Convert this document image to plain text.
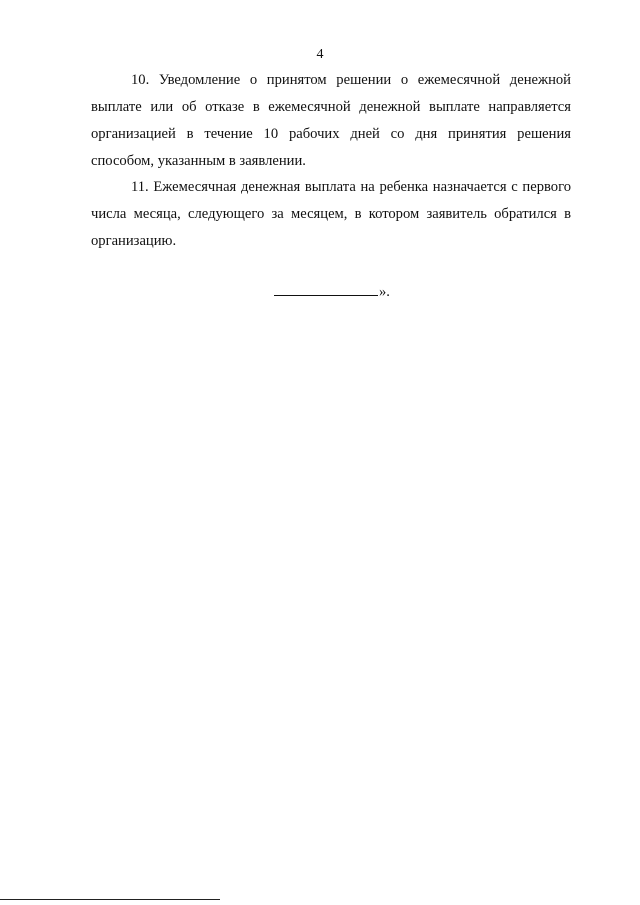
4

10. Уведомление о принятом решении о ежемесячной денежной выплате или об отказе в ежемесячной денежной выплате направляется организацией в течение 10 рабочих дней со дня принятия решения способом, указанным в заявлении.

11. Ежемесячная денежная выплата на ребенка назначается с первого числа месяца, следующего за месяцем, в котором заявитель обратился в организацию.

».
